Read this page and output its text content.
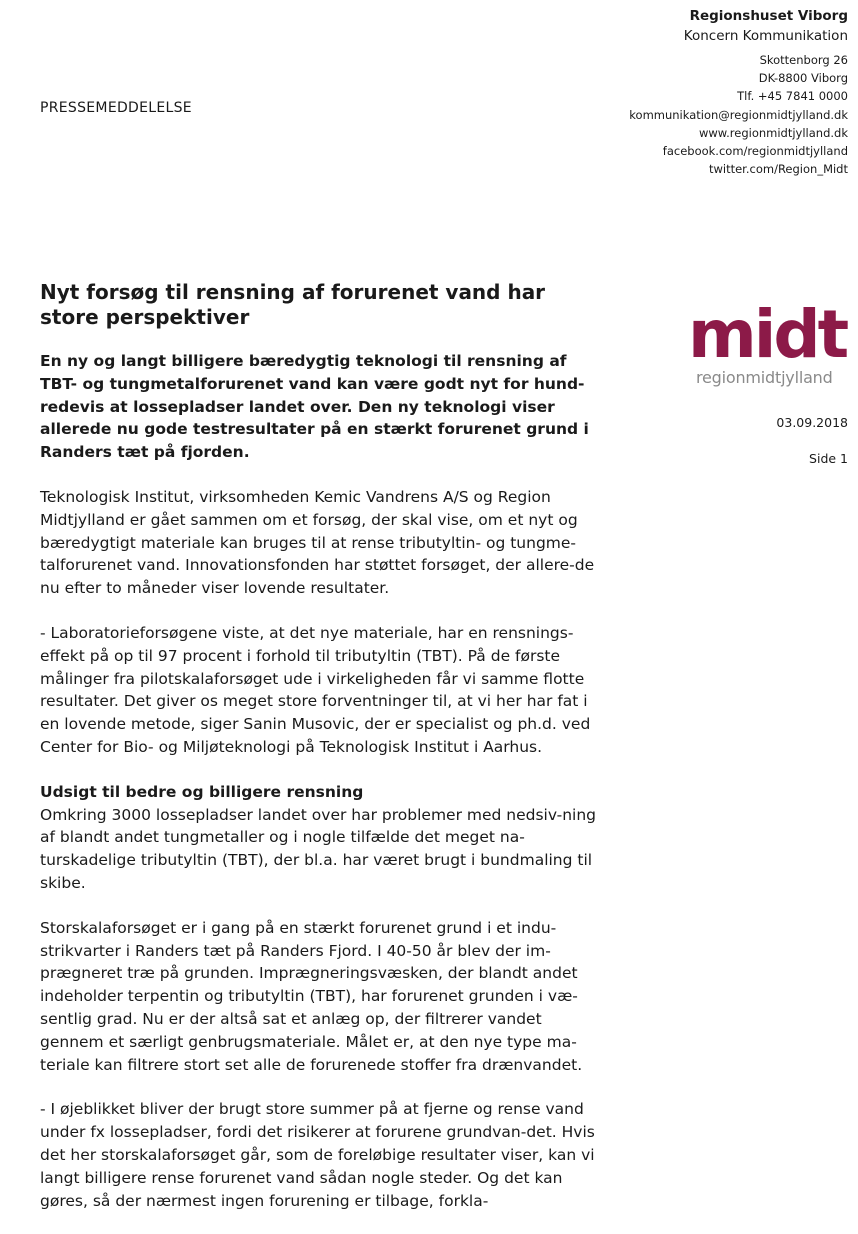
Regionshuset Viborg
Koncern Kommunikation
Skottenborg 26
DK-8800 Viborg
Tlf. +45 7841 0000
kommunikation@regionmidtjylland.dk
www.regionmidtjylland.dk
facebook.com/regionmidtjylland
twitter.com/Region_Midt
PRESSEMEDDELELSE
midt
regionmidtjylland
03.09.2018
Side 1
Nyt forsøg til rensning af forurenet vand har store perspektiver

En ny og langt billigere bæredygtig teknologi til rensning af TBT- og tungmetalforurenet vand kan være godt nyt for hund-redevis at lossepladser landet over. Den ny teknologi viser allerede nu gode testresultater på en stærkt forurenet grund i Randers tæt på fjorden.

Teknologisk Institut, virksomheden Kemic Vandrens A/S og Region Midtjylland er gået sammen om et forsøg, der skal vise, om et nyt og bæredygtigt materiale kan bruges til at rense tributyltin- og tungme-talforurenet vand. Innovationsfonden har støttet forsøget, der allere-de nu efter to måneder viser lovende resultater.

- Laboratorieforsøgene viste, at det nye materiale, har en rensnings-effekt på op til 97 procent i forhold til tributyltin (TBT). På de første målinger fra pilotskalaforsøget ude i virkeligheden får vi samme flotte resultater. Det giver os meget store forventninger til, at vi her har fat i en lovende metode, siger Sanin Musovic, der er specialist og ph.d. ved Center for Bio- og Miljøteknologi på Teknologisk Institut i Aarhus.

Udsigt til bedre og billigere rensning

Omkring 3000 lossepladser landet over har problemer med nedsiv-ning af blandt andet tungmetaller og i nogle tilfælde det meget na-turskadelige tributyltin (TBT), der bl.a. har været brugt i bundmaling til skibe.

Storskalaforsøget er i gang på en stærkt forurenet grund i et indu-strikvarter i Randers tæt på Randers Fjord. I 40-50 år blev der im-prægneret træ på grunden. Imprægneringsvæsken, der blandt andet indeholder terpentin og tributyltin (TBT), har forurenet grunden i væ-sentlig grad. Nu er der altså sat et anlæg op, der filtrerer vandet gennem et særligt genbrugsmateriale. Målet er, at den nye type ma-teriale kan filtrere stort set alle de forurenede stoffer fra drænvandet.

- I øjeblikket bliver der brugt store summer på at fjerne og rense vand under fx lossepladser, fordi det risikerer at forurene grundvan-det. Hvis det her storskalaforsøget går, som de foreløbige resultater viser, kan vi langt billigere rense forurenet vand sådan nogle steder. Og det kan gøres, så der nærmest ingen forurening er tilbage, forkla-
